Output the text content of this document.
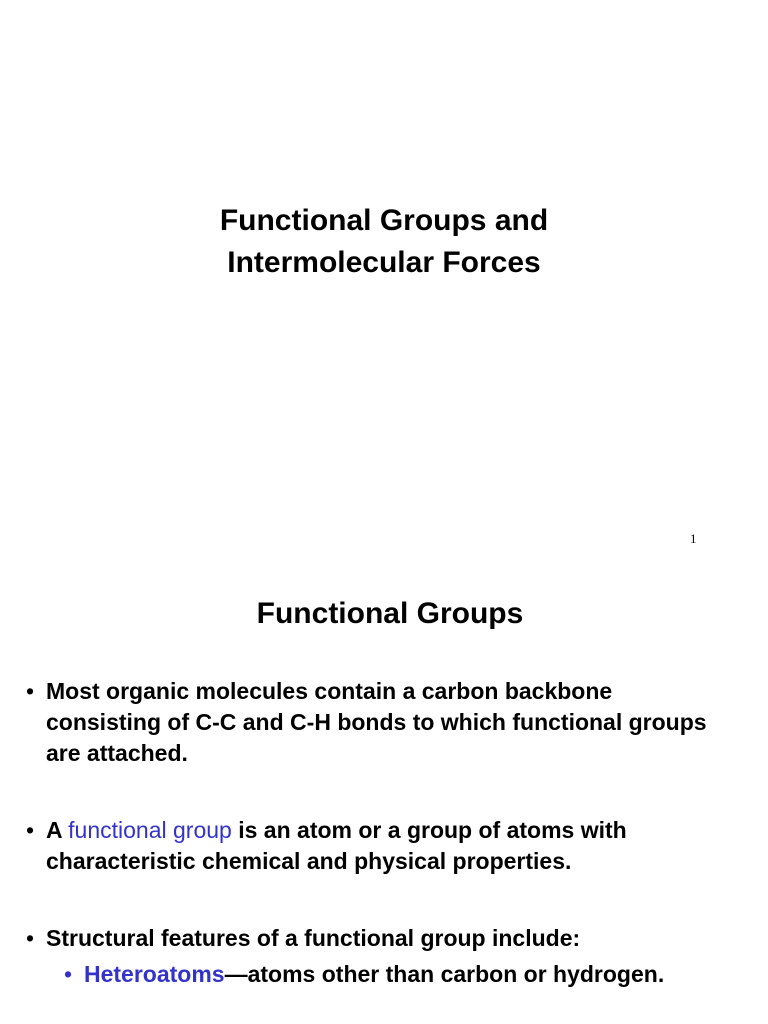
Functional Groups and
Intermolecular Forces
1
Functional Groups
• Most organic molecules contain a carbon backbone consisting of C-C and C-H bonds to which functional groups are attached.
• A functional group is an atom or a group of atoms with characteristic chemical and physical properties.
• Structural features of a functional group include:
• Heteroatoms—atoms other than carbon or hydrogen.
